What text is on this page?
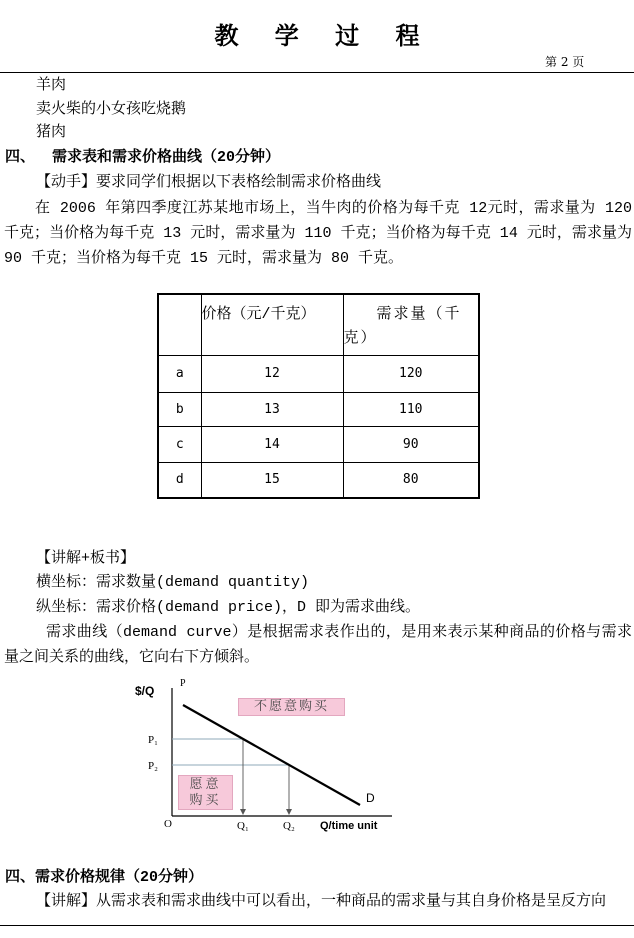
教 学 过 程
第 2 页
羊肉
卖火柴的小女孩吃烧鹅
猪肉
四、 需求表和需求价格曲线（20分钟）
【动手】要求同学们根据以下表格绘制需求价格曲线
在 2006 年第四季度江苏某地市场上，当牛肉的价格为每千克 12元时，需求量为 120千克；当价格为每千克 13 元时，需求量为 110 千克；当价格为每千克 14 元时，需求量为 90 千克；当价格为每千克 15 元时，需求量为 80 千克。
	价格（元/千克）	需求量（千克）
a	12	120
b	13	110
c	14	90
d	15	80
【讲解+板书】
横坐标：需求数量(demand quantity)
纵坐标：需求价格(demand price)，D 即为需求曲线。
需求曲线（demand curve）是根据需求表作出的，是用来表示某种商品的价格与需求量之间关系的曲线，它向右下方倾斜。
$/Q
P
D
P₁
P₂
O	Q₁	Q₂ Q/time unit
不愿意购买
愿意购买
四、需求价格规律（20分钟）
【讲解】从需求表和需求曲线中可以看出，一种商品的需求量与其自身价格是呈反方向
